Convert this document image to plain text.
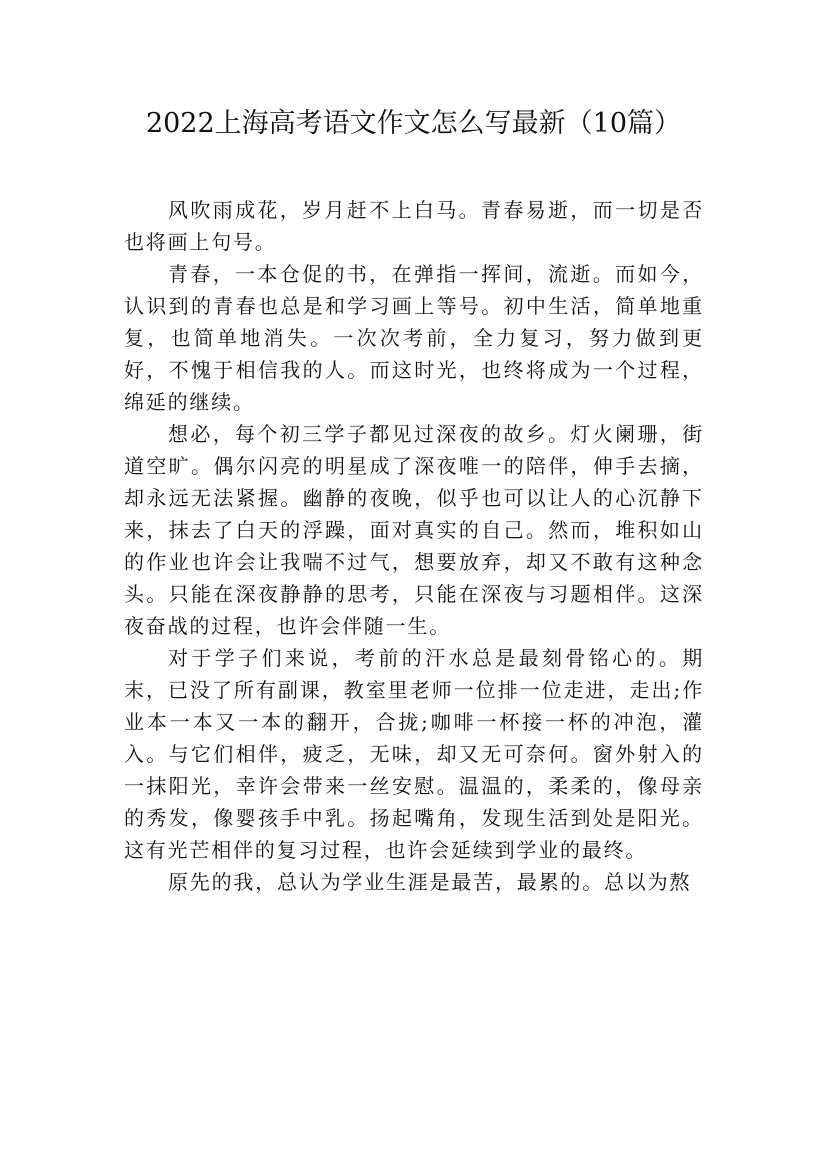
2022上海高考语文作文怎么写最新（10篇）

风吹雨成花，岁月赶不上白马。青春易逝，而一切是否也将画上句号。

青春，一本仓促的书，在弹指一挥间，流逝。而如今，认识到的青春也总是和学习画上等号。初中生活，简单地重复，也简单地消失。一次次考前，全力复习，努力做到更好，不愧于相信我的人。而这时光，也终将成为一个过程，绵延的继续。

想必，每个初三学子都见过深夜的故乡。灯火阑珊，街道空旷。偶尔闪亮的明星成了深夜唯一的陪伴，伸手去摘，却永远无法紧握。幽静的夜晚，似乎也可以让人的心沉静下来，抹去了白天的浮躁，面对真实的自己。然而，堆积如山的作业也许会让我喘不过气，想要放弃，却又不敢有这种念头。只能在深夜静静的思考，只能在深夜与习题相伴。这深夜奋战的过程，也许会伴随一生。

对于学子们来说，考前的汗水总是最刻骨铭心的。期末，已没了所有副课，教室里老师一位排一位走进，走出;作业本一本又一本的翻开，合拢;咖啡一杯接一杯的冲泡，灌入。与它们相伴，疲乏，无味，却又无可奈何。窗外射入的一抹阳光，幸许会带来一丝安慰。温温的，柔柔的，像母亲的秀发，像婴孩手中乳。扬起嘴角，发现生活到处是阳光。这有光芒相伴的复习过程，也许会延续到学业的最终。

原先的我，总认为学业生涯是最苦，最累的。总以为熬
